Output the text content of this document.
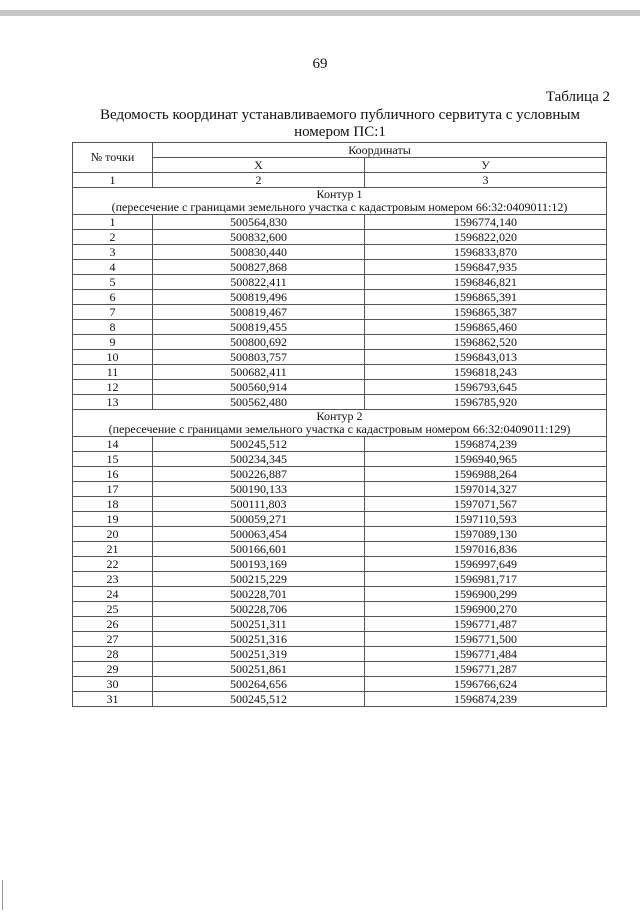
69
Таблица 2
Ведомость координат устанавливаемого публичного сервитута с условным номером ПС:1
№ точки	Координаты	
	Х	У
1	2	3

Контур 1
(пересечение с границами земельного участка с кадастровым номером 66:32:0409011:12)		

1	500564,830	1596774,140
2	500832,600	1596822,020
3	500830,440	1596833,870
4	500827,868	1596847,935
5	500822,411	1596846,821
6	500819,496	1596865,391
7	500819,467	1596865,387
8	500819,455	1596865,460
9	500800,692	1596862,520
10	500803,757	1596843,013
11	500682,411	1596818,243
12	500560,914	1596793,645
13	500562,480	1596785,920

Контур 2
(пересечение с границами земельного участка с кадастровым номером 66:32:0409011:129)		

14	500245,512	1596874,239
15	500234,345	1596940,965
16	500226,887	1596988,264
17	500190,133	1597014,327
18	500111,803	1597071,567
19	500059,271	1597110,593
20	500063,454	1597089,130
21	500166,601	1597016,836
22	500193,169	1596997,649
23	500215,229	1596981,717
24	500228,701	1596900,299
25	500228,706	1596900,270
26	500251,311	1596771,487
27	500251,316	1596771,500
28	500251,319	1596771,484
29	500251,861	1596771,287
30	500264,656	1596766,624
31	500245,512	1596874,239
